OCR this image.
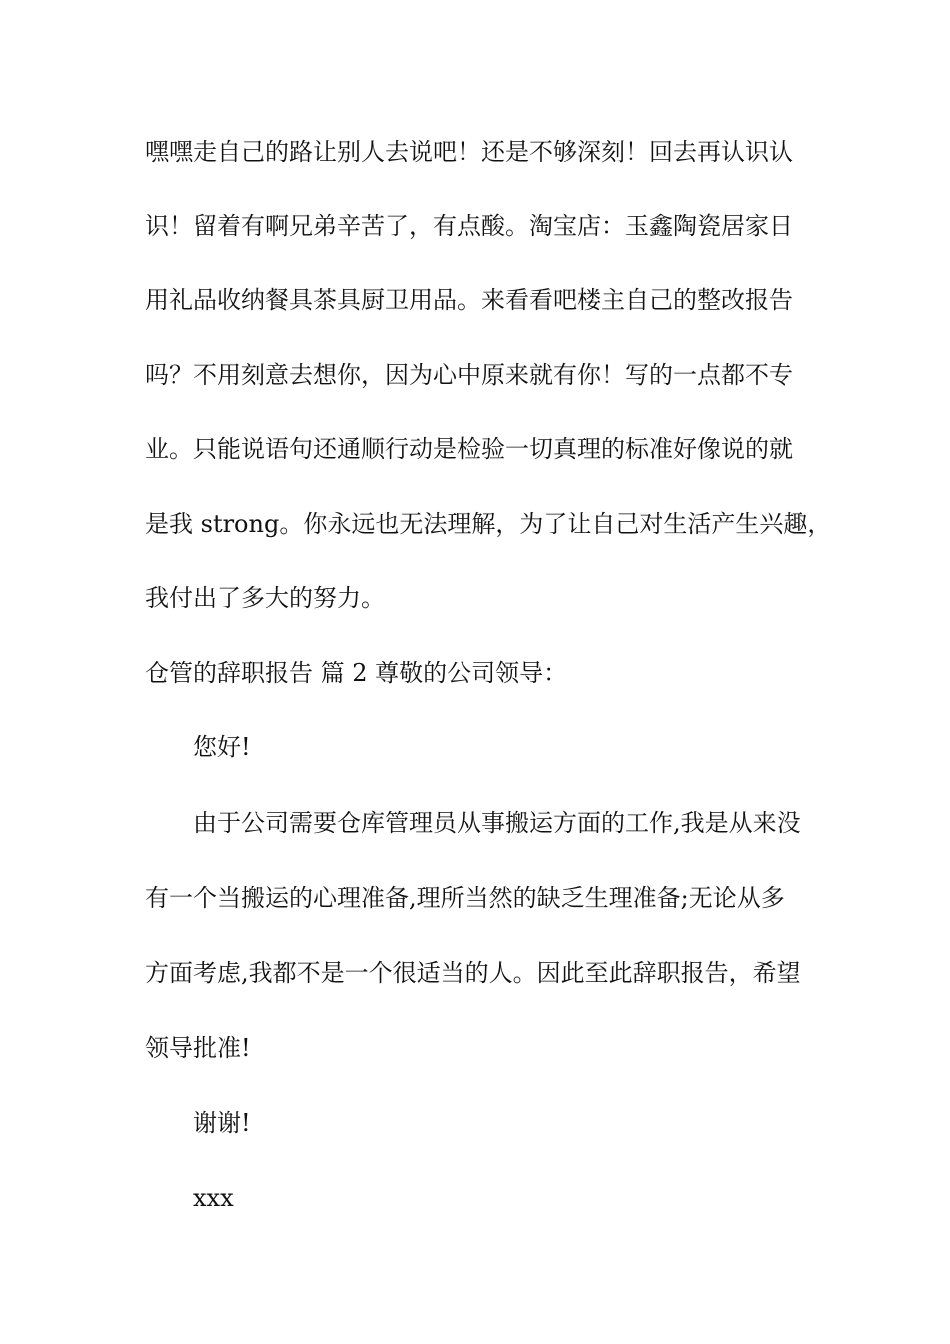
嘿嘿走自己的路让别人去说吧！还是不够深刻！回去再认识认

识！留着有啊兄弟辛苦了，有点酸。淘宝店：玉鑫陶瓷居家日

用礼品收纳餐具茶具厨卫用品。来看看吧楼主自己的整改报告

吗？不用刻意去想你，因为心中原来就有你！写的一点都不专

业。只能说语句还通顺行动是检验一切真理的标准好像说的就

是我 strong。你永远也无法理解，为了让自己对生活产生兴趣，

我付出了多大的努力。

仓管的辞职报告 篇 2 尊敬的公司领导：

您好!

由于公司需要仓库管理员从事搬运方面的工作,我是从来没

有一个当搬运的心理准备,理所当然的缺乏生理准备;无论从多

方面考虑,我都不是一个很适当的人。因此至此辞职报告，希望

领导批准!

谢谢!

xxx
